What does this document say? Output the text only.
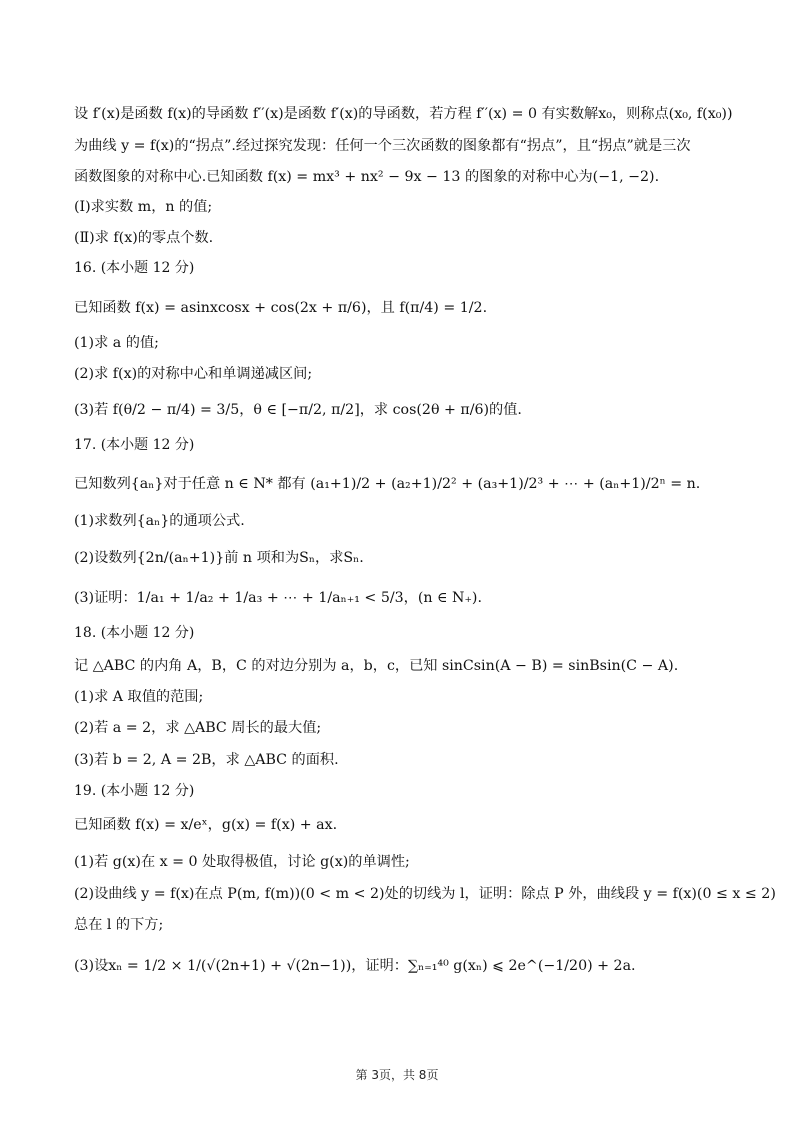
设 f′(x)是函数 f(x)的导函数 f′′(x)是函数 f′(x)的导函数，若方程 f′′(x) = 0 有实数解x₀，则称点(x₀, f(x₀))
为曲线 y = f(x)的“拐点”.经过探究发现：任何一个三次函数的图象都有“拐点”，且“拐点”就是三次
函数图象的对称中心.已知函数 f(x) = mx³ + nx² − 9x − 13 的图象的对称中心为(−1, −2).
(Ⅰ)求实数 m，n 的值;
(Ⅱ)求 f(x)的零点个数.
16. (本小题 12 分)
已知函数 f(x) = asinxcosx + cos(2x + π/6)，且 f(π/4) = 1/2.
(1)求 a 的值;
(2)求 f(x)的对称中心和单调递减区间;
(3)若 f(θ/2 − π/4) = 3/5，θ ∈ [−π/2, π/2]，求 cos(2θ + π/6)的值.
17. (本小题 12 分)
已知数列{aₙ}对于任意 n ∈ N* 都有 (a₁+1)/2 + (a₂+1)/2² + (a₃+1)/2³ + ⋯ + (aₙ+1)/2ⁿ = n.
(1)求数列{aₙ}的通项公式.
(2)设数列{2n/(aₙ+1)}前 n 项和为Sₙ，求Sₙ.
(3)证明：1/a₁ + 1/a₂ + 1/a₃ + ⋯ + 1/aₙ₊₁ < 5/3，(n ∈ N₊).
18. (本小题 12 分)
记 △ABC 的内角 A，B，C 的对边分别为 a，b，c，已知 sinCsin(A − B) = sinBsin(C − A).
(1)求 A 取值的范围;
(2)若 a = 2，求 △ABC 周长的最大值;
(3)若 b = 2, A = 2B，求 △ABC 的面积.
19. (本小题 12 分)
已知函数 f(x) = x/eˣ，g(x) = f(x) + ax.
(1)若 g(x)在 x = 0 处取得极值，讨论 g(x)的单调性;
(2)设曲线 y = f(x)在点 P(m, f(m))(0 < m < 2)处的切线为 l，证明：除点 P 外，曲线段 y = f(x)(0 ≤ x ≤ 2)
总在 l 的下方;
(3)设xₙ = 1/2 × 1/(√(2n+1) + √(2n−1))，证明：∑ₙ₌₁⁴⁰ g(xₙ) ⩽ 2e^(−1/20) + 2a.
第 3页，共 8页
